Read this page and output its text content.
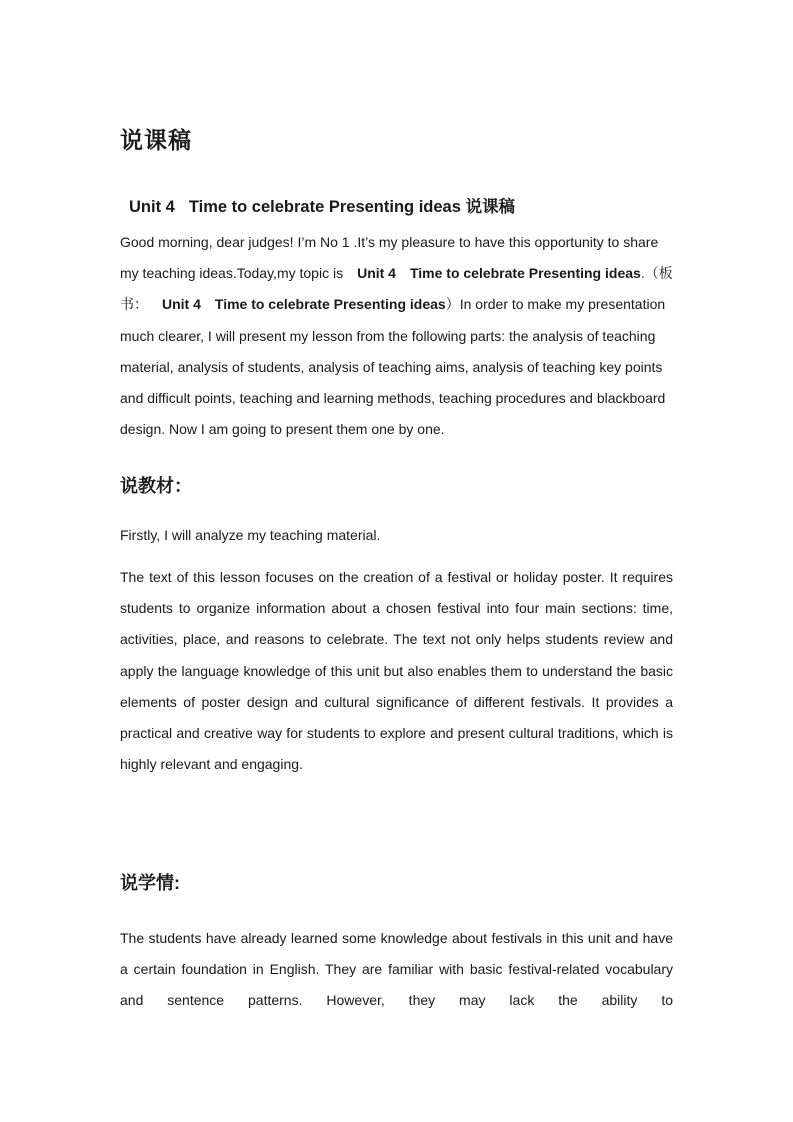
说课稿
Unit 4 Time to celebrate Presenting ideas 说课稿

Good morning, dear judges! I’m No 1 .It’s my pleasure to have this opportunity to share my teaching ideas.Today,my topic is Unit 4 Time to celebrate Presenting ideas.（板书： Unit 4 Time to celebrate Presenting ideas）In order to make my presentation much clearer, I will present my lesson from the following parts: the analysis of teaching material, analysis of students, analysis of teaching aims, analysis of teaching key points and difficult points, teaching and learning methods, teaching procedures and blackboard design. Now I am going to present them one by one.

说教材：

Firstly, I will analyze my teaching material.

The text of this lesson focuses on the creation of a festival or holiday poster. It requires students to organize information about a chosen festival into four main sections: time, activities, place, and reasons to celebrate. The text not only helps students review and apply the language knowledge of this unit but also enables them to understand the basic elements of poster design and cultural significance of different festivals. It provides a practical and creative way for students to explore and present cultural traditions, which is highly relevant and engaging.

说学情:

The students have already learned some knowledge about festivals in this unit and have a certain foundation in English. They are familiar with basic festival-related vocabulary and sentence patterns. However, they may lack the ability to
